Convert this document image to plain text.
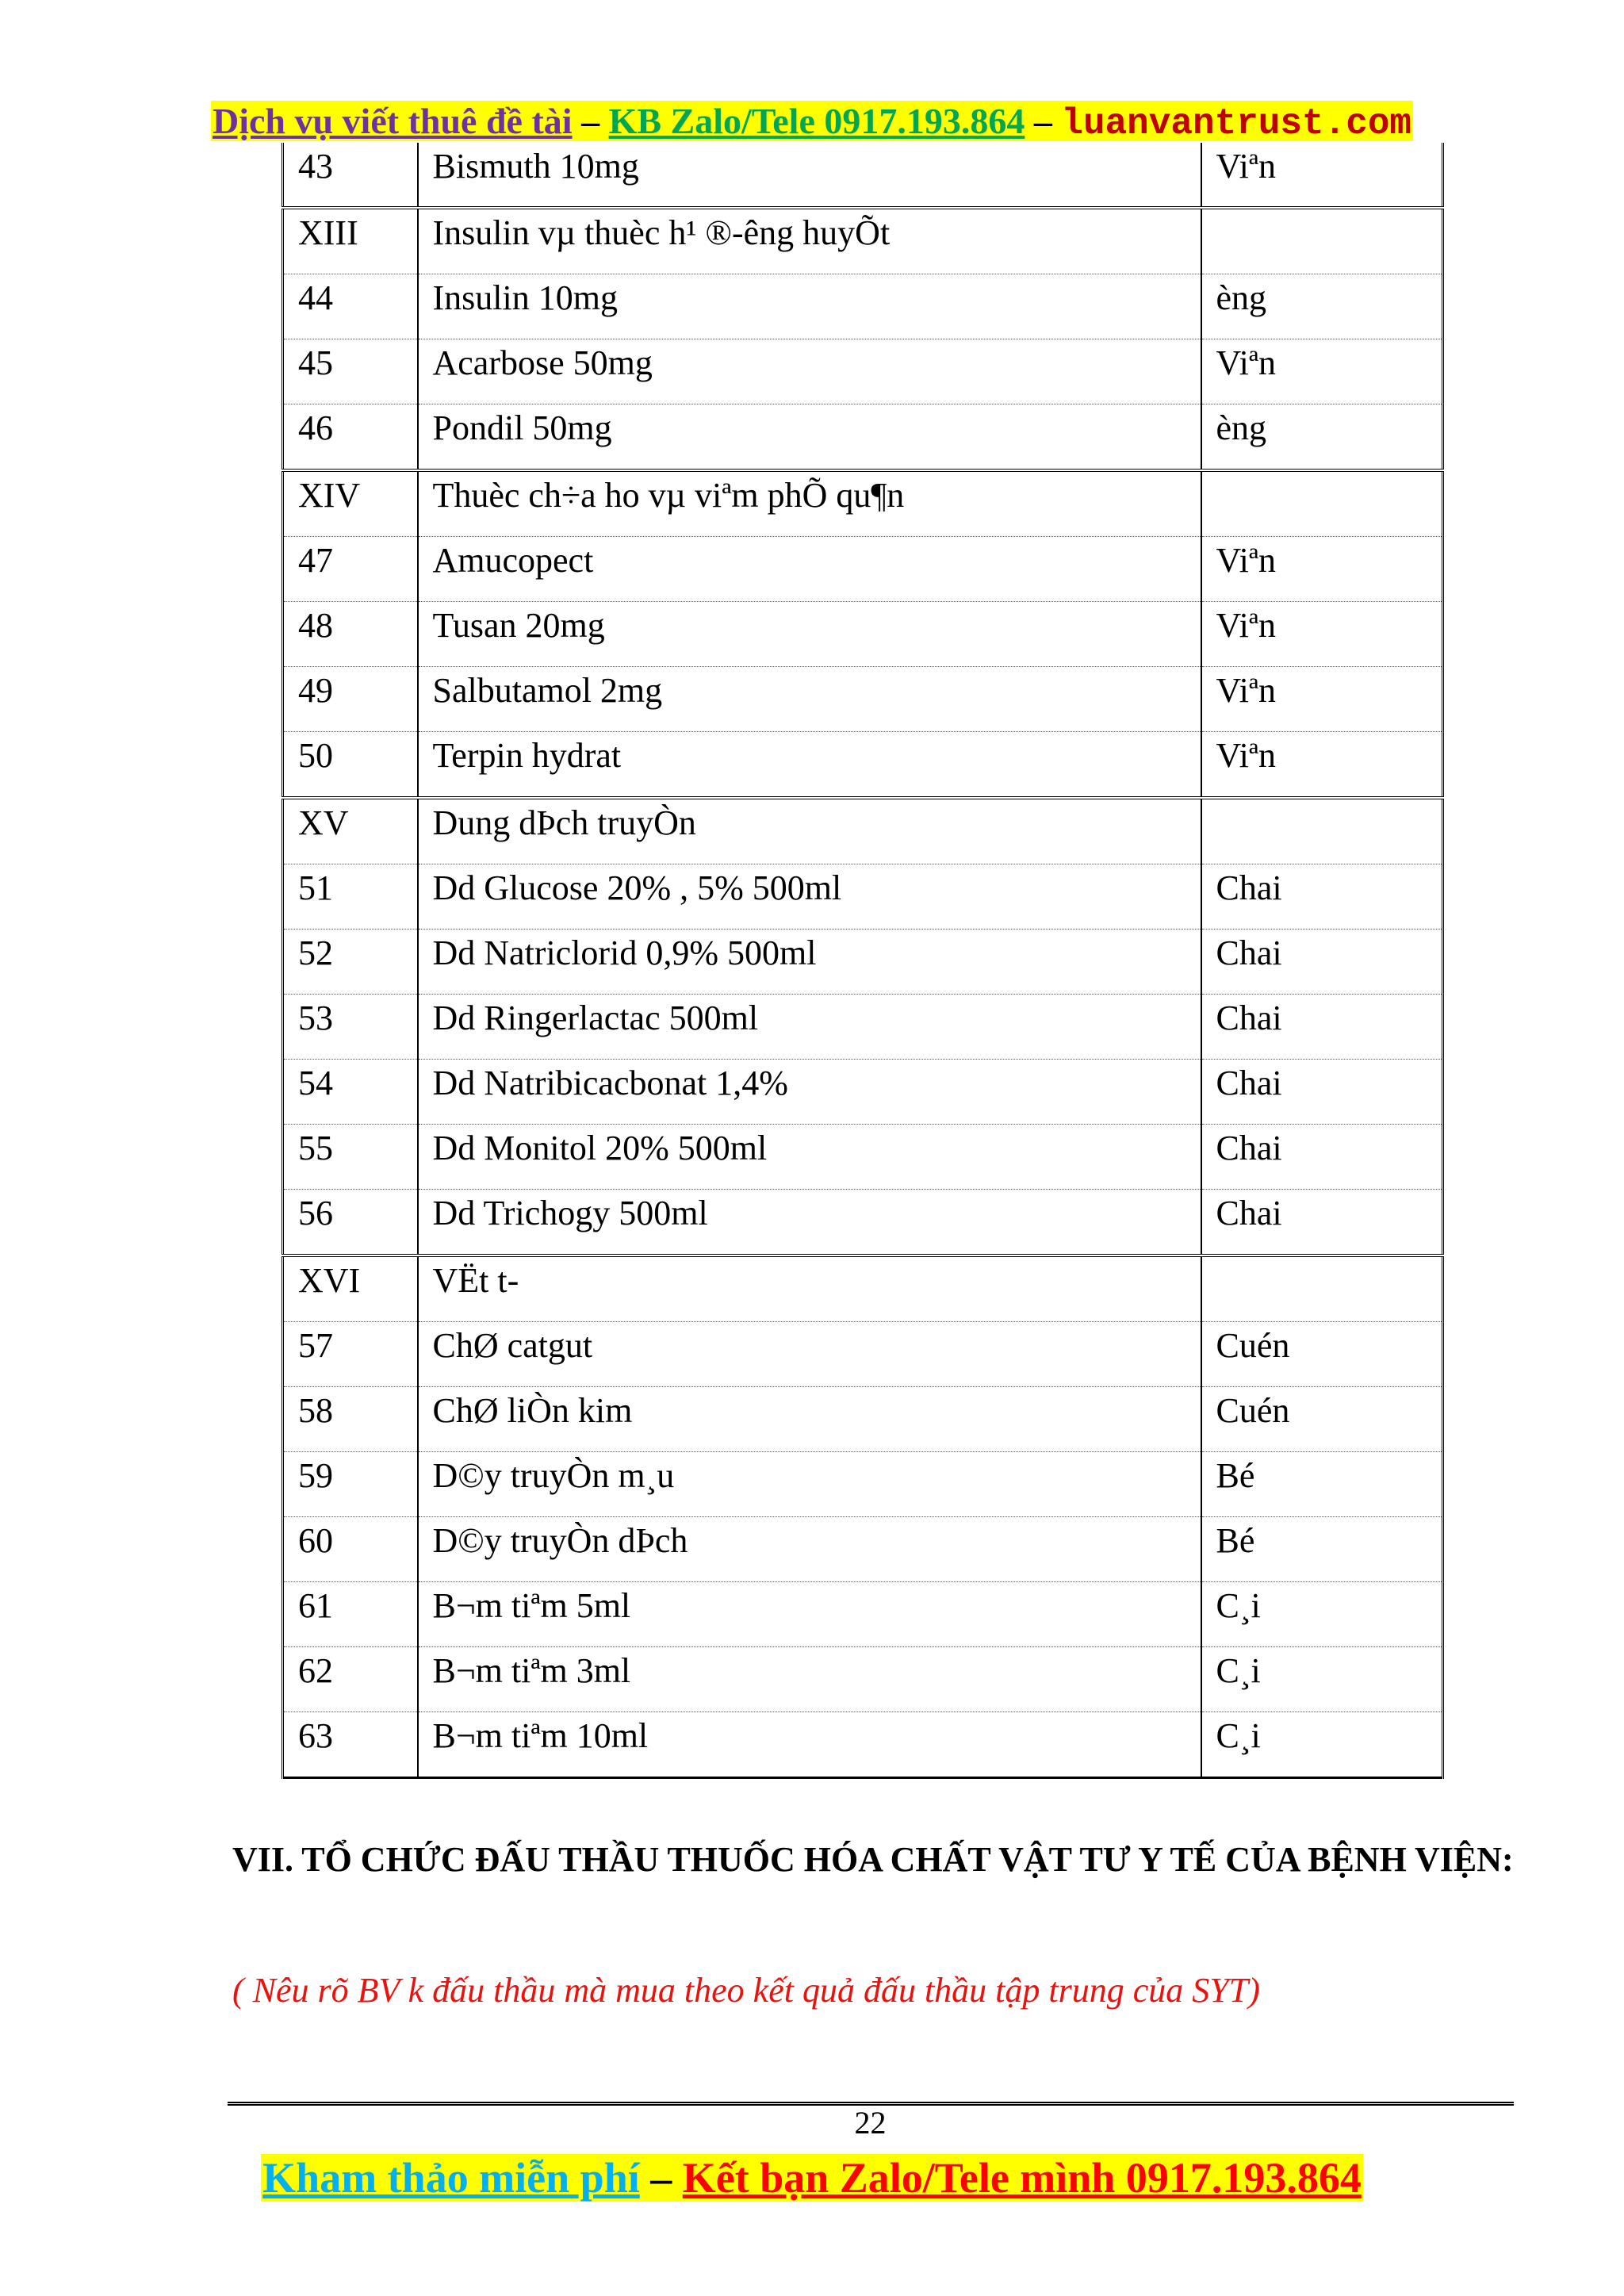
Dịch vụ viết thuê đề tài – KB Zalo/Tele 0917.193.864 – luanvantrust.com
43	Bismuth 10mg	Viªn
XIII	Insulin vµ thuèc h¹ ®-êng huyÕt	
44	Insulin 10mg	èng
45	Acarbose 50mg	Viªn
46	Pondil 50mg	èng
XIV	Thuèc ch÷a ho vµ viªm phÕ qu¶n	
47	Amucopect	Viªn
48	Tusan 20mg	Viªn
49	Salbutamol 2mg	Viªn
50	Terpin hydrat	Viªn
XV	Dung dÞch truyÒn	
51	Dd Glucose 20% , 5% 500ml	Chai
52	Dd Natriclorid 0,9% 500ml	Chai
53	Dd Ringerlactac 500ml	Chai
54	Dd Natribicacbonat 1,4%	Chai
55	Dd Monitol 20% 500ml	Chai
56	Dd Trichogy 500ml	Chai
XVI	VËt t-	
57	ChØ catgut	Cuén
58	ChØ liÒn kim	Cuén
59	D©y truyÒn m¸u	Bé
60	D©y truyÒn dÞch	Bé
61	B¬m tiªm 5ml	C¸i
62	B¬m tiªm 3ml	C¸i
63	B¬m tiªm 10ml	C¸i
VII. TỔ CHỨC ĐẤU THẦU THUỐC HÓA CHẤT VẬT TƯ Y TẾ CỦA BỆNH VIỆN:
( Nêu rõ BV k đấu thầu mà mua theo kết quả đấu thầu tập trung của SYT)
22
Kham thảo miễn phí – Kết bạn Zalo/Tele mình 0917.193.864
